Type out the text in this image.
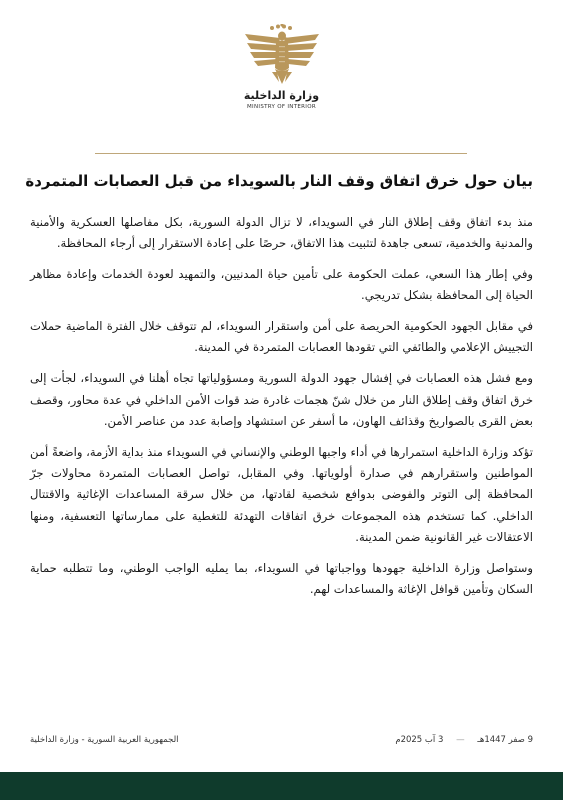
وزارة الداخلية
MINISTRY OF INTERIOR
بيان حول خرق اتفاق وقف النار بالسويداء من قبل العصابات المتمردة

منذ بدء اتفاق وقف إطلاق النار في السويداء، لا تزال الدولة السورية، بكل مفاصلها العسكرية والأمنية والمدنية والخدمية، تسعى جاهدة لتثبيت هذا الاتفاق، حرصًا على إعادة الاستقرار إلى أرجاء المحافظة.

وفي إطار هذا السعي، عملت الحكومة على تأمين حياة المدنيين، والتمهيد لعودة الخدمات وإعادة مظاهر الحياة إلى المحافظة بشكل تدريجي.

في مقابل الجهود الحكومية الحريصة على أمن واستقرار السويداء، لم تتوقف خلال الفترة الماضية حملات التجييش الإعلامي والطائفي التي تقودها العصابات المتمردة في المدينة.

ومع فشل هذه العصابات في إفشال جهود الدولة السورية ومسؤولياتها تجاه أهلنا في السويداء، لجأت إلى خرق اتفاق وقف إطلاق النار من خلال شنّ هجمات غادرة ضد قوات الأمن الداخلي في عدة محاور، وقصف بعض القرى بالصواريخ وقذائف الهاون، ما أسفر عن استشهاد وإصابة عدد من عناصر الأمن.

تؤكد وزارة الداخلية استمرارها في أداء واجبها الوطني والإنساني في السويداء منذ بداية الأزمة، واضعةً أمن المواطنين واستقرارهم في صدارة أولوياتها. وفي المقابل، تواصل العصابات المتمردة محاولات جرّ المحافظة إلى التوتر والفوضى بدوافع شخصية لقادتها، من خلال سرقة المساعدات الإغاثية والاقتتال الداخلي. كما تستخدم هذه المجموعات خرق اتفاقات التهدئة للتغطية على ممارساتها التعسفية، ومنها الاعتقالات غير القانونية ضمن المدينة.

وستواصل وزارة الداخلية جهودها وواجباتها في السويداء، بما يمليه الواجب الوطني، وما تتطلبه حماية السكان وتأمين قوافل الإغاثة والمساعدات لهم.

9 صفر 1447هـ — 3 آب 2025م
الجمهورية العربية السورية - وزارة الداخلية
